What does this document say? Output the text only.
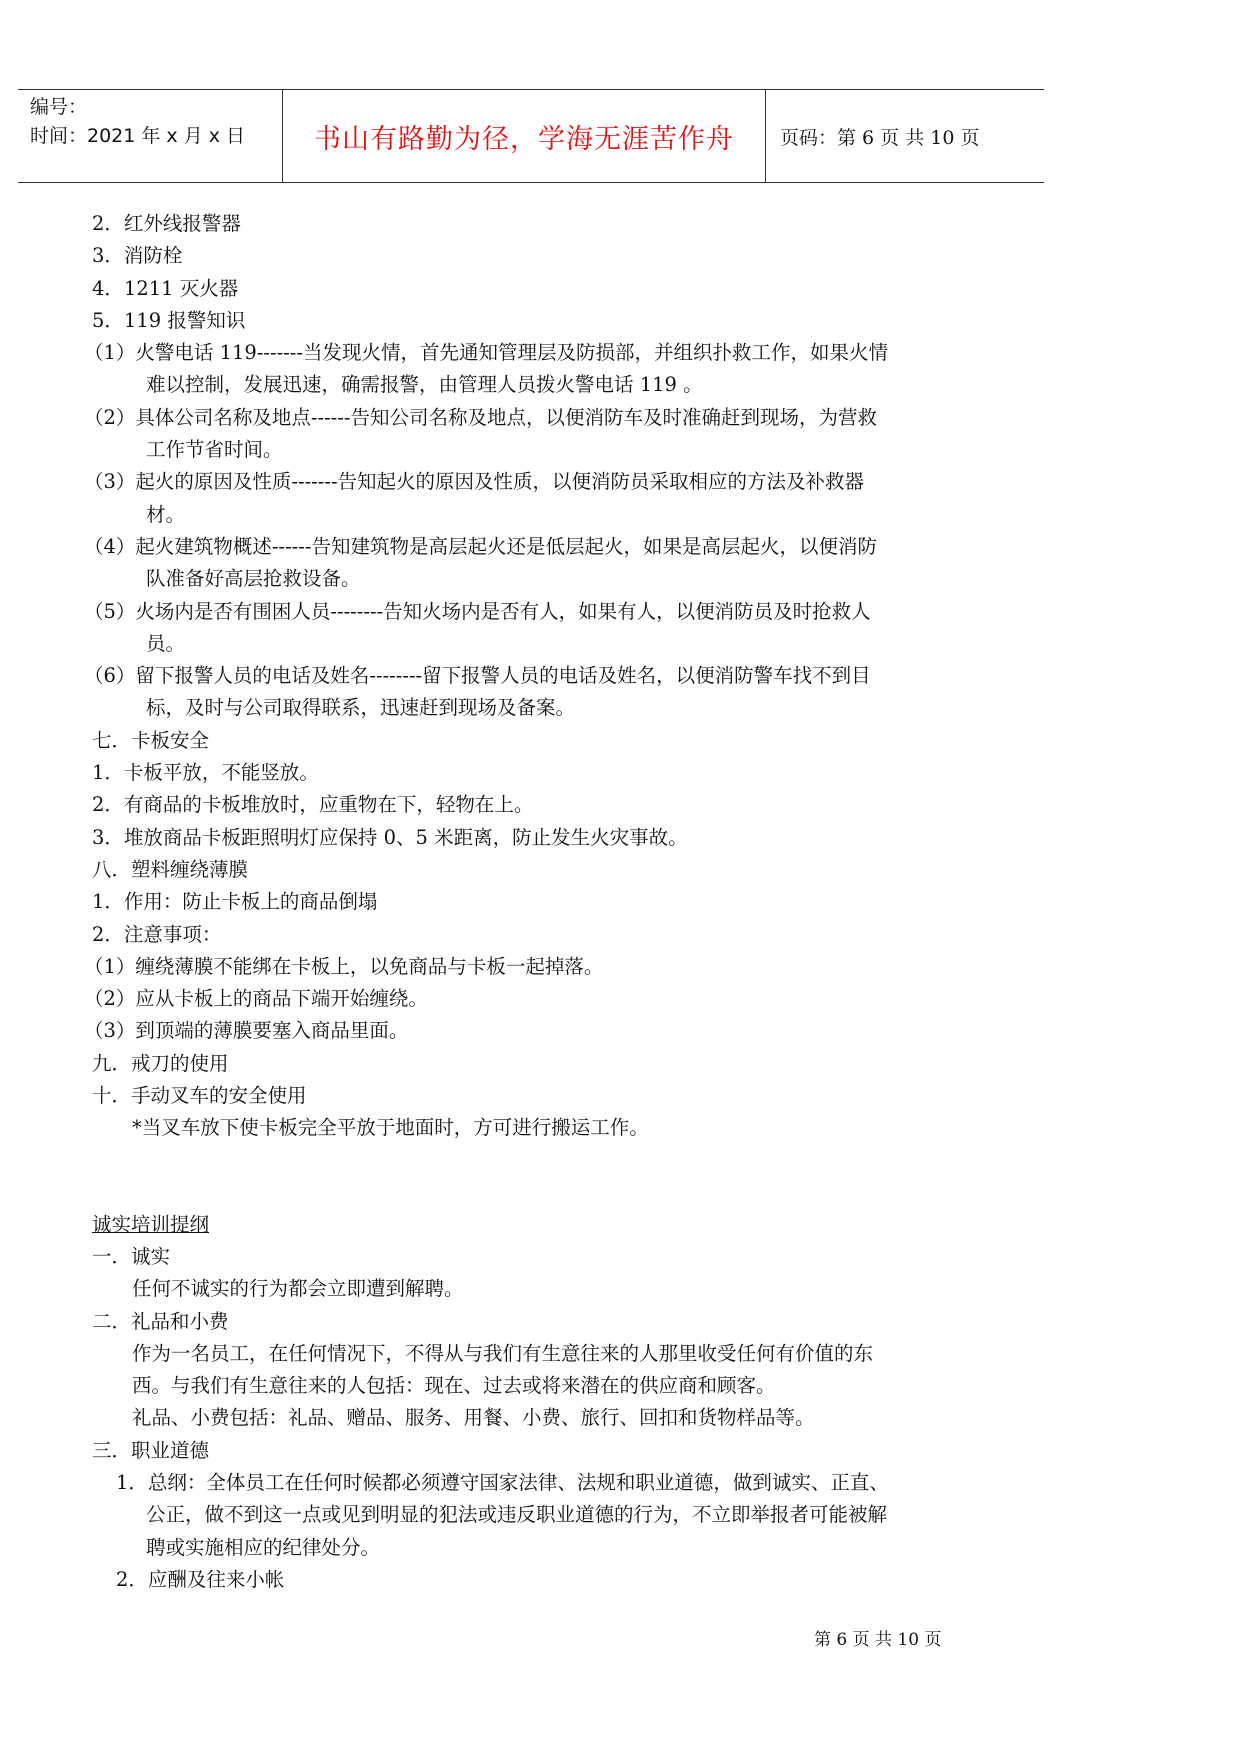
编号：
时间：2021 年 x 月 x 日	书山有路勤为径，学海无涯苦作舟 页码：第 6 页 共 10 页
2．红外线报警器
3．消防栓
4．1211 灭火器
5．119 报警知识
（1）火警电话 119-------当发现火情，首先通知管理层及防损部，并组织扑救工作，如果火情
难以控制，发展迅速，确需报警，由管理人员拨火警电话 119 。
（2）具体公司名称及地点------告知公司名称及地点，以便消防车及时准确赶到现场，为营救
工作节省时间。
（3）起火的原因及性质-------告知起火的原因及性质，以便消防员采取相应的方法及补救器
材。
（4）起火建筑物概述------告知建筑物是高层起火还是低层起火，如果是高层起火，以便消防
队准备好高层抢救设备。
（5）火场内是否有围困人员--------告知火场内是否有人，如果有人，以便消防员及时抢救人
员。
（6）留下报警人员的电话及姓名--------留下报警人员的电话及姓名，以便消防警车找不到目
标，及时与公司取得联系，迅速赶到现场及备案。
七．卡板安全
1．卡板平放，不能竖放。
2．有商品的卡板堆放时，应重物在下，轻物在上。
3．堆放商品卡板距照明灯应保持 0、5 米距离，防止发生火灾事故。
八．塑料缠绕薄膜
1．作用：防止卡板上的商品倒塌
2．注意事项：
（1）缠绕薄膜不能绑在卡板上，以免商品与卡板一起掉落。
（2）应从卡板上的商品下端开始缠绕。
（3）到顶端的薄膜要塞入商品里面。
九．戒刀的使用
十．手动叉车的安全使用
*当叉车放下使卡板完全平放于地面时，方可进行搬运工作。
诚实培训提纲
一．诚实
任何不诚实的行为都会立即遭到解聘。
二．礼品和小费
作为一名员工，在任何情况下，不得从与我们有生意往来的人那里收受任何有价值的东
西。与我们有生意往来的人包括：现在、过去或将来潜在的供应商和顾客。
礼品、小费包括：礼品、赠品、服务、用餐、小费、旅行、回扣和货物样品等。
三．职业道德
1．总纲：全体员工在任何时候都必须遵守国家法律、法规和职业道德，做到诚实、正直、
公正，做不到这一点或见到明显的犯法或违反职业道德的行为，不立即举报者可能被解
聘或实施相应的纪律处分。
2．应酬及往来小帐
第 6 页 共 10 页
